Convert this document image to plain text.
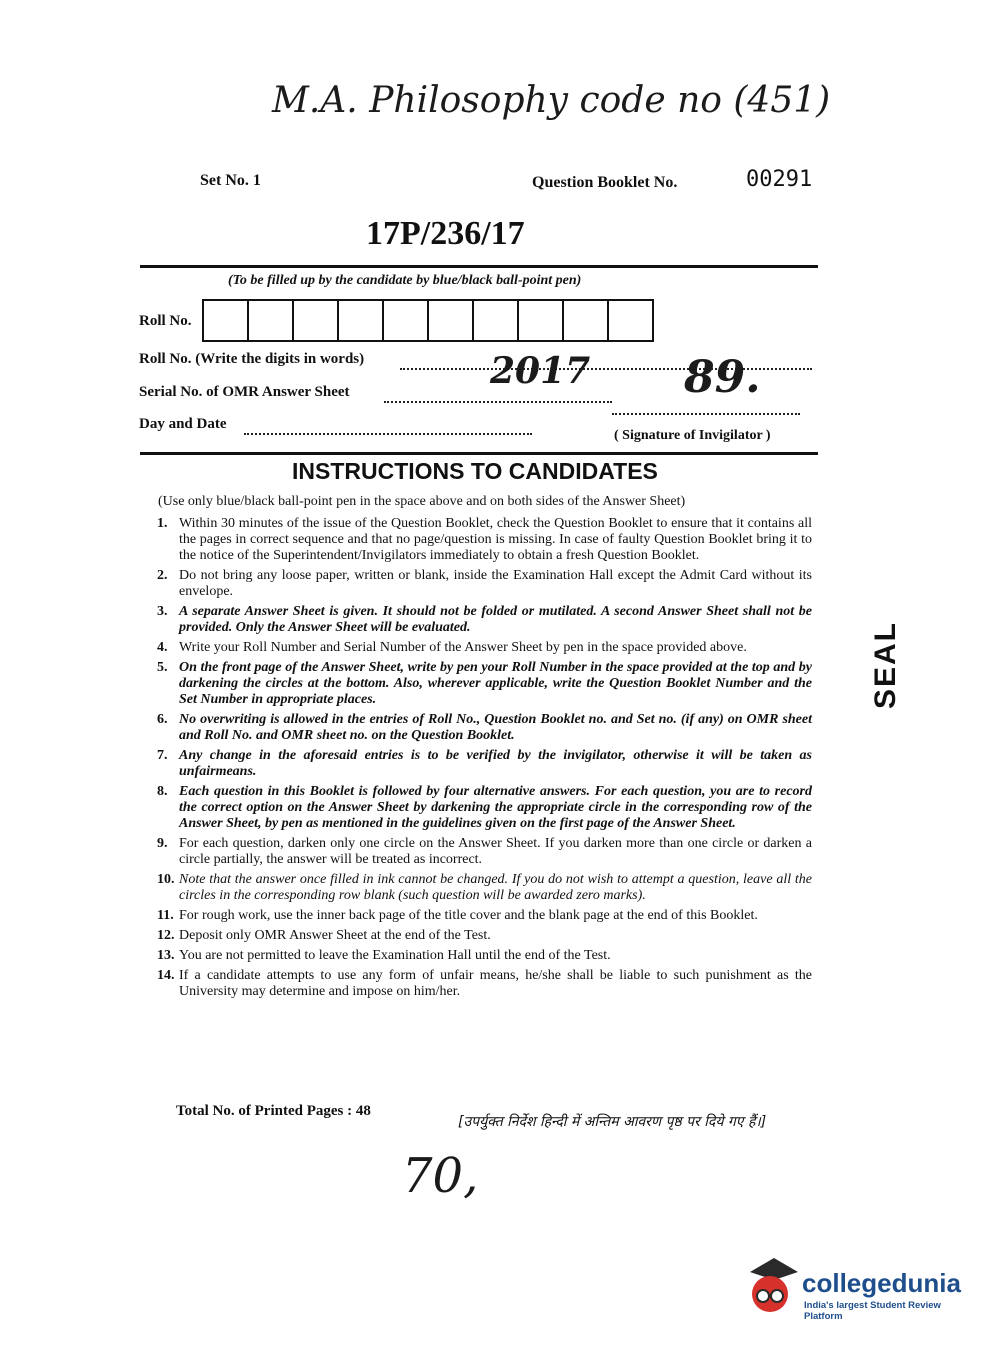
M.A. Philosophy code no (451)
Set No. 1	Question Booklet No.	00291
17P/236/17
(To be filled up by the candidate by blue/black ball-point pen)
Roll No.
Roll No. (Write the digits in words)	2017 89.
Serial No. of OMR Answer Sheet
Day and Date
( Signature of Invigilator )
INSTRUCTIONS TO CANDIDATES
(Use only blue/black ball-point pen in the space above and on both sides of the Answer Sheet)
1. Within 30 minutes of the issue of the Question Booklet, check the Question Booklet to ensure that it contains all the pages in correct sequence and that no page/question is missing. In case of faulty Question Booklet bring it to the notice of the Superintendent/Invigilators immediately to obtain a fresh Question Booklet.
2. Do not bring any loose paper, written or blank, inside the Examination Hall except the Admit Card without its envelope.
3. A separate Answer Sheet is given. It should not be folded or mutilated. A second Answer Sheet shall not be provided. Only the Answer Sheet will be evaluated.
4. Write your Roll Number and Serial Number of the Answer Sheet by pen in the space provided above.
5. On the front page of the Answer Sheet, write by pen your Roll Number in the space provided at the top and by darkening the circles at the bottom. Also, wherever applicable, write the Question Booklet Number and the Set Number in appropriate places.
6. No overwriting is allowed in the entries of Roll No., Question Booklet no. and Set no. (if any) on OMR sheet and Roll No. and OMR sheet no. on the Question Booklet.
7. Any change in the aforesaid entries is to be verified by the invigilator, otherwise it will be taken as unfairmeans.
8. Each question in this Booklet is followed by four alternative answers. For each question, you are to record the correct option on the Answer Sheet by darkening the appropriate circle in the corresponding row of the Answer Sheet, by pen as mentioned in the guidelines given on the first page of the Answer Sheet.
9. For each question, darken only one circle on the Answer Sheet. If you darken more than one circle or darken a circle partially, the answer will be treated as incorrect.
10. Note that the answer once filled in ink cannot be changed. If you do not wish to attempt a question, leave all the circles in the corresponding row blank (such question will be awarded zero marks).
11. For rough work, use the inner back page of the title cover and the blank page at the end of this Booklet.
12. Deposit only OMR Answer Sheet at the end of the Test.
13. You are not permitted to leave the Examination Hall until the end of the Test.
14. If a candidate attempts to use any form of unfair means, he/she shall be liable to such punishment as the University may determine and impose on him/her.
Total No. of Printed Pages : 48
[उपर्युक्त निर्देश हिन्दी में अन्तिम आवरण पृष्ठ पर दिये गए हैं।]
70,
SEAL
collegedunia
India's largest Student Review Platform
